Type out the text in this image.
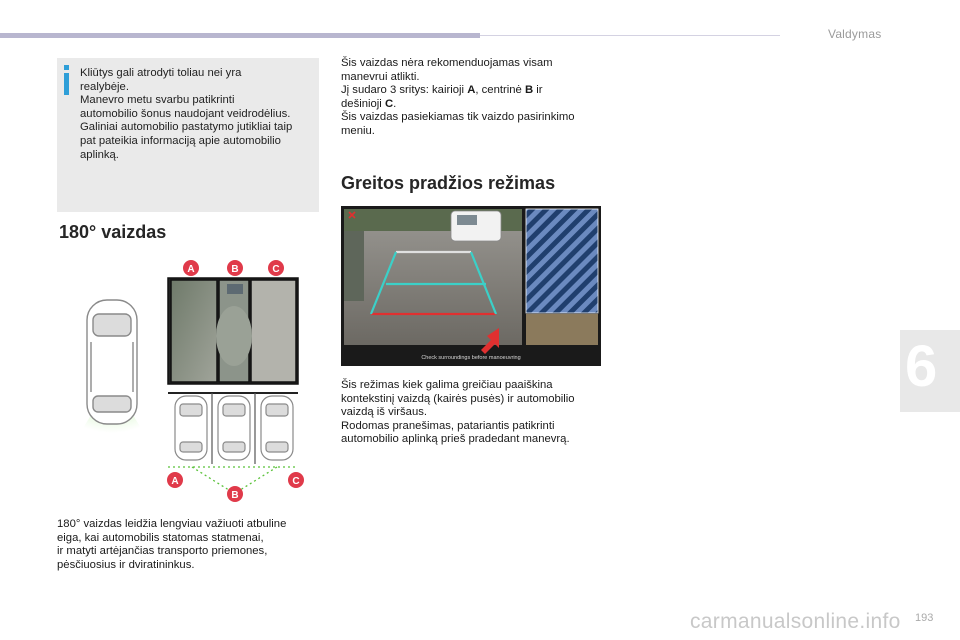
Valdymas
6
Kliūtys gali atrodyti toliau nei yra
realybėje.
Manevro metu svarbu patikrinti
automobilio šonus naudojant veidrodėlius.
Galiniai automobilio pastatymo jutikliai taip
pat pateikia informaciją apie automobilio
aplinką.
180° vaizdas
A	B	C
A
B
C
180° vaizdas leidžia lengviau važiuoti atbuline
eiga, kai automobilis statomas statmenai,
ir matyti artėjančias transporto priemones,
pėsčiuosius ir dviratininkus.
Šis vaizdas nėra rekomenduojamas visam
manevrui atlikti.
Jį sudaro 3 sritys: kairioji A, centrinė B ir
dešinioji C.
Šis vaizdas pasiekiamas tik vaizdo pasirinkimo
meniu.
Greitos pradžios režimas
Check surroundings before manoeuvring
Šis režimas kiek galima greičiau paaiškina
kontekstinį vaizdą (kairės pusės) ir automobilio
vaizdą iš viršaus.
Rodomas pranešimas, patariantis patikrinti
automobilio aplinką prieš pradedant manevrą.
carmanualsonline.info 193
